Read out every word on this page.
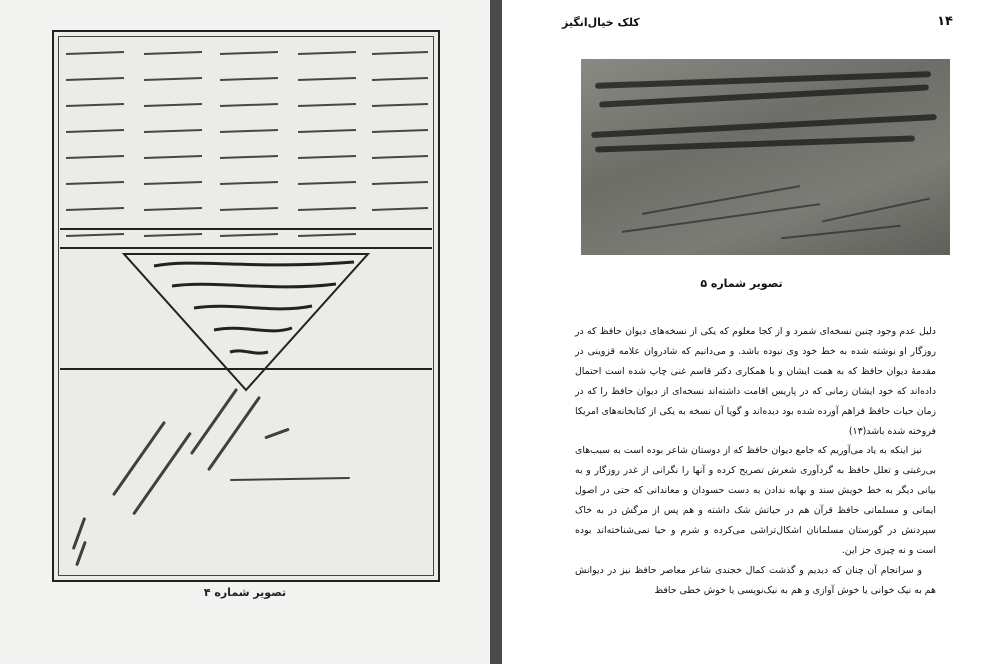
تصویر شماره ۴
۱۴
کلک خیال‌انگیز
تصویر شماره ۵

دلیل عدم وجود چنین نسخه‌ای شمرد و از کجا معلوم که یکی از نسخه‌های دیوان حافظ که در روزگار او نوشته شده به خط خود وی نبوده باشد. و می‌دانیم که شادروان علامه قزوینی در مقدمهٔ دیوان حافظ که به همت ایشان و با همکاری دکتر قاسم غنی چاپ شده است احتمال داده‌اند که خود ایشان زمانی که در پاریس اقامت داشته‌اند نسخه‌ای از دیوان حافظ را که در زمان حیات حافظ فراهم آورده شده بود دیده‌اند و گویا آن نسخه به یکی از کتابخانه‌های امریکا فروخته شده باشد(۱۳)

نیز اینکه به یاد می‌آوریم که جامع دیوان حافظ که از دوستان شاعر بوده است به سبب‌های بی‌رغبتی و تعلل حافظ به گردآوری شعرش تصریح کرده و آنها را نگرانی از غدر روزگار و به بیانی دیگر به خط خویش سند و بهانه ندادن به دست حسودان و معاندانی که حتی در اصول ایمانی و مسلمانی حافظ قرآن هم در حیاتش شک داشته و هم پس از مرگش در به خاک سپردنش در گورستان مسلمانان اشکال‌تراشی می‌کرده و شرم و حیا نمی‌شناخته‌اند بوده است و نه چیزی جز این.

و سرانجام آن چنان که دیدیم و گذشت کمال خجندی شاعر معاصر حافظ نیز در دیوانش هم به نیک خوانی یا خوش آوازی و هم به نیک‌نویسی یا خوش خطی حافظ
